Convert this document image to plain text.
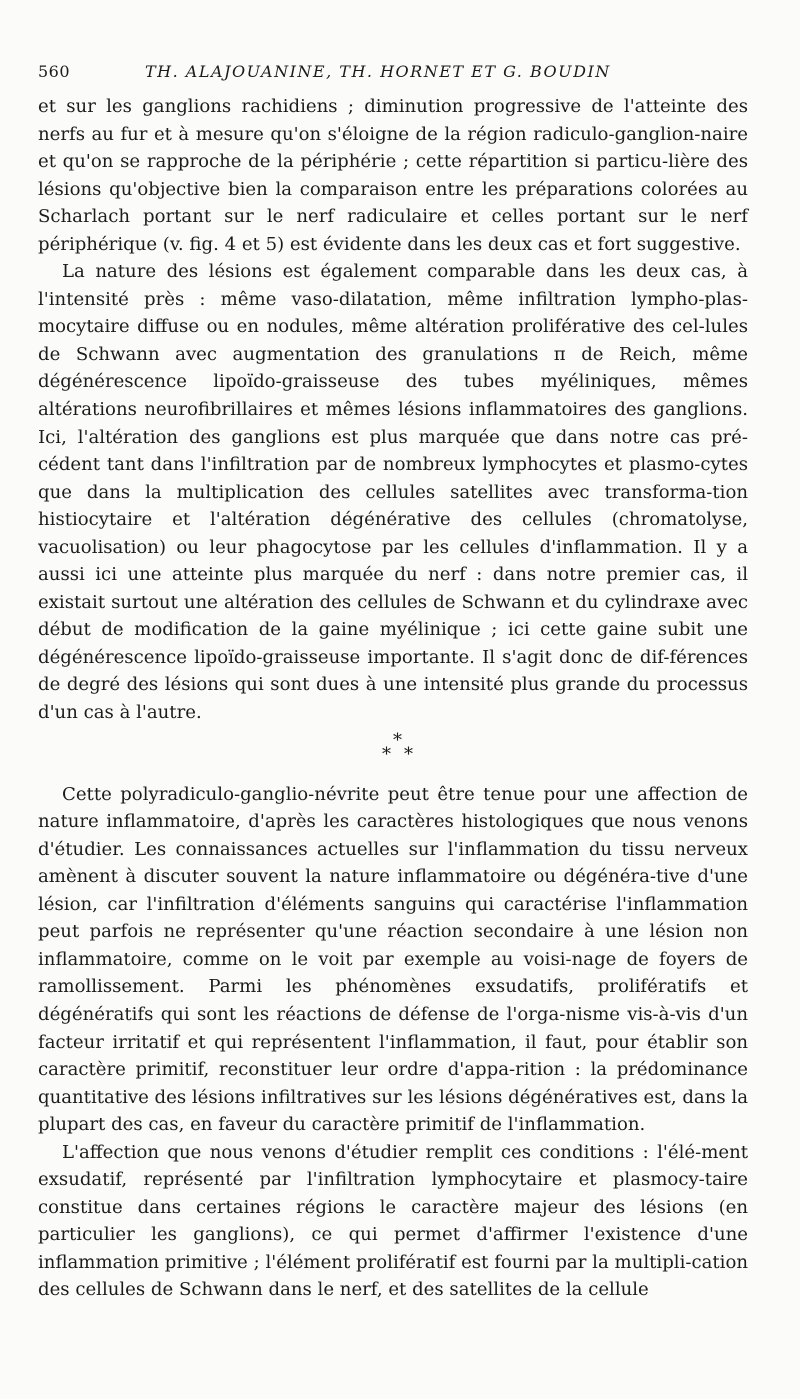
560	TH. ALAJOUANINE, TH. HORNET ET G. BOUDIN

et sur les ganglions rachidiens ; diminution progressive de l'atteinte des nerfs au fur et à mesure qu'on s'éloigne de la région radiculo-ganglion-naire et qu'on se rapproche de la périphérie ; cette répartition si particu-lière des lésions qu'objective bien la comparaison entre les préparations colorées au Scharlach portant sur le nerf radiculaire et celles portant sur le nerf périphérique (v. fig. 4 et 5) est évidente dans les deux cas et fort suggestive.

La nature des lésions est également comparable dans les deux cas, à l'intensité près : même vaso-dilatation, même infiltration lympho-plas-mocytaire diffuse ou en nodules, même altération proliférative des cel-lules de Schwann avec augmentation des granulations π de Reich, même dégénérescence lipoïdo-graisseuse des tubes myéliniques, mêmes altérations neurofibrillaires et mêmes lésions inflammatoires des ganglions. Ici, l'altération des ganglions est plus marquée que dans notre cas pré-cédent tant dans l'infiltration par de nombreux lymphocytes et plasmo-cytes que dans la multiplication des cellules satellites avec transforma-tion histiocytaire et l'altération dégénérative des cellules (chromatolyse, vacuolisation) ou leur phagocytose par les cellules d'inflammation. Il y a aussi ici une atteinte plus marquée du nerf : dans notre premier cas, il existait surtout une altération des cellules de Schwann et du cylindraxe avec début de modification de la gaine myélinique ; ici cette gaine subit une dégénérescence lipoïdo-graisseuse importante. Il s'agit donc de dif-férences de degré des lésions qui sont dues à une intensité plus grande du processus d'un cas à l'autre.

*
* *

Cette polyradiculo-ganglio-névrite peut être tenue pour une affection de nature inflammatoire, d'après les caractères histologiques que nous venons d'étudier. Les connaissances actuelles sur l'inflammation du tissu nerveux amènent à discuter souvent la nature inflammatoire ou dégénéra-tive d'une lésion, car l'infiltration d'éléments sanguins qui caractérise l'inflammation peut parfois ne représenter qu'une réaction secondaire à une lésion non inflammatoire, comme on le voit par exemple au voisi-nage de foyers de ramollissement. Parmi les phénomènes exsudatifs, prolifératifs et dégénératifs qui sont les réactions de défense de l'orga-nisme vis-à-vis d'un facteur irritatif et qui représentent l'inflammation, il faut, pour établir son caractère primitif, reconstituer leur ordre d'appa-rition : la prédominance quantitative des lésions infiltratives sur les lésions dégénératives est, dans la plupart des cas, en faveur du caractère primitif de l'inflammation.

L'affection que nous venons d'étudier remplit ces conditions : l'élé-ment exsudatif, représenté par l'infiltration lymphocytaire et plasmocy-taire constitue dans certaines régions le caractère majeur des lésions (en particulier les ganglions), ce qui permet d'affirmer l'existence d'une inflammation primitive ; l'élément prolifératif est fourni par la multipli-cation des cellules de Schwann dans le nerf, et des satellites de la cellule
